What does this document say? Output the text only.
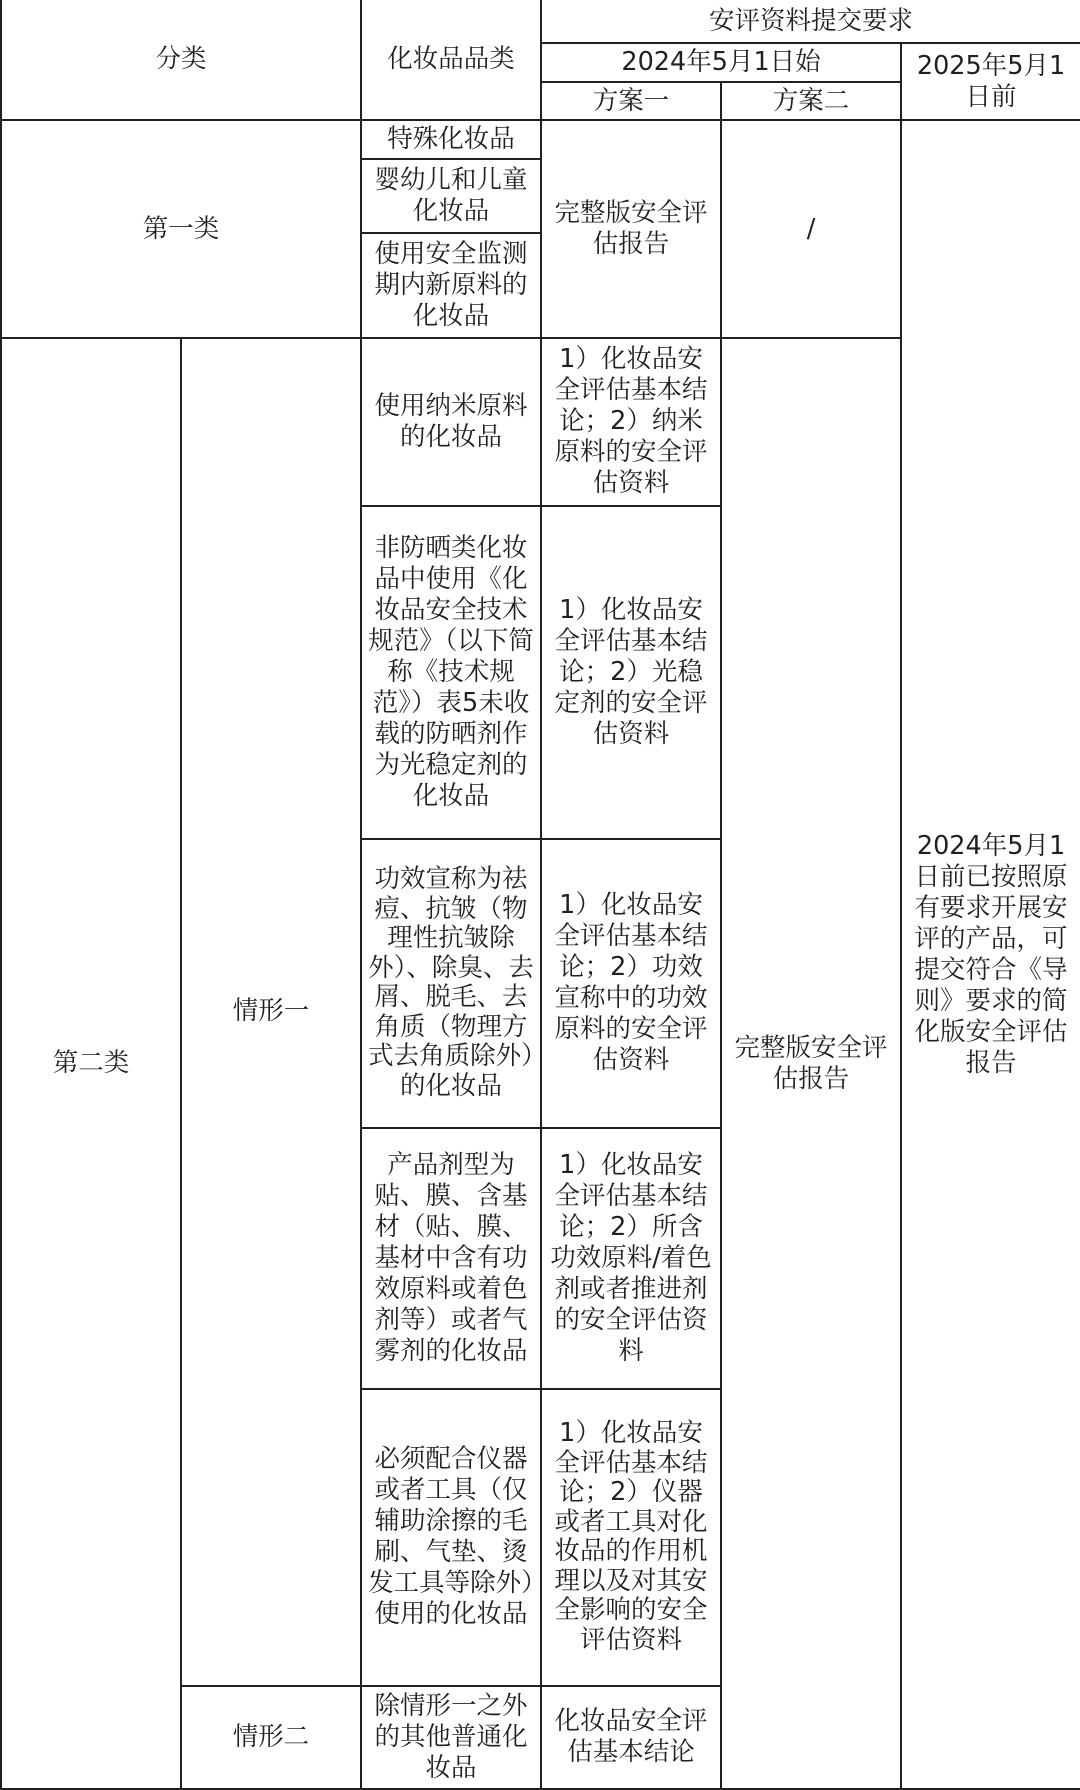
分类		化妆品品类	安评资料提交要求		
			2024年5月1日始		2025年5月1日前
			方案一	方案二	
第一类		特殊化妆品	完整版安全评估报告	/	2024年5月1日前已按照原有要求开展安评的产品，可提交符合《导则》要求的简化版安全评估报告
		婴幼儿和儿童化妆品			
		使用安全监测期内新原料的化妆品			
第二类	情形一	使用纳米原料的化妆品	1）化妆品安全评估基本结论；2）纳米原料的安全评估资料	完整版安全评估报告	
		非防晒类化妆品中使用《化妆品安全技术规范》（以下简称《技术规范》）表5未收载的防晒剂作为光稳定剂的化妆品	1）化妆品安全评估基本结论；2）光稳定剂的安全评估资料		
		功效宣称为祛痘、抗皱（物理性抗皱除外）、除臭、去屑、脱毛、去角质（物理方式去角质除外）的化妆品	1）化妆品安全评估基本结论；2）功效宣称中的功效原料的安全评估资料		
		产品剂型为贴、膜、含基材（贴、膜、基材中含有功效原料或着色剂等）或者气雾剂的化妆品	1）化妆品安全评估基本结论；2）所含功效原料/着色剂或者推进剂的安全评估资料		
		必须配合仪器或者工具（仅辅助涂擦的毛刷、气垫、烫发工具等除外）使用的化妆品	1）化妆品安全评估基本结论；2）仪器或者工具对化妆品的作用机理以及对其安全影响的安全评估资料		
	情形二	除情形一之外的其他普通化妆品	化妆品安全评估基本结论		
